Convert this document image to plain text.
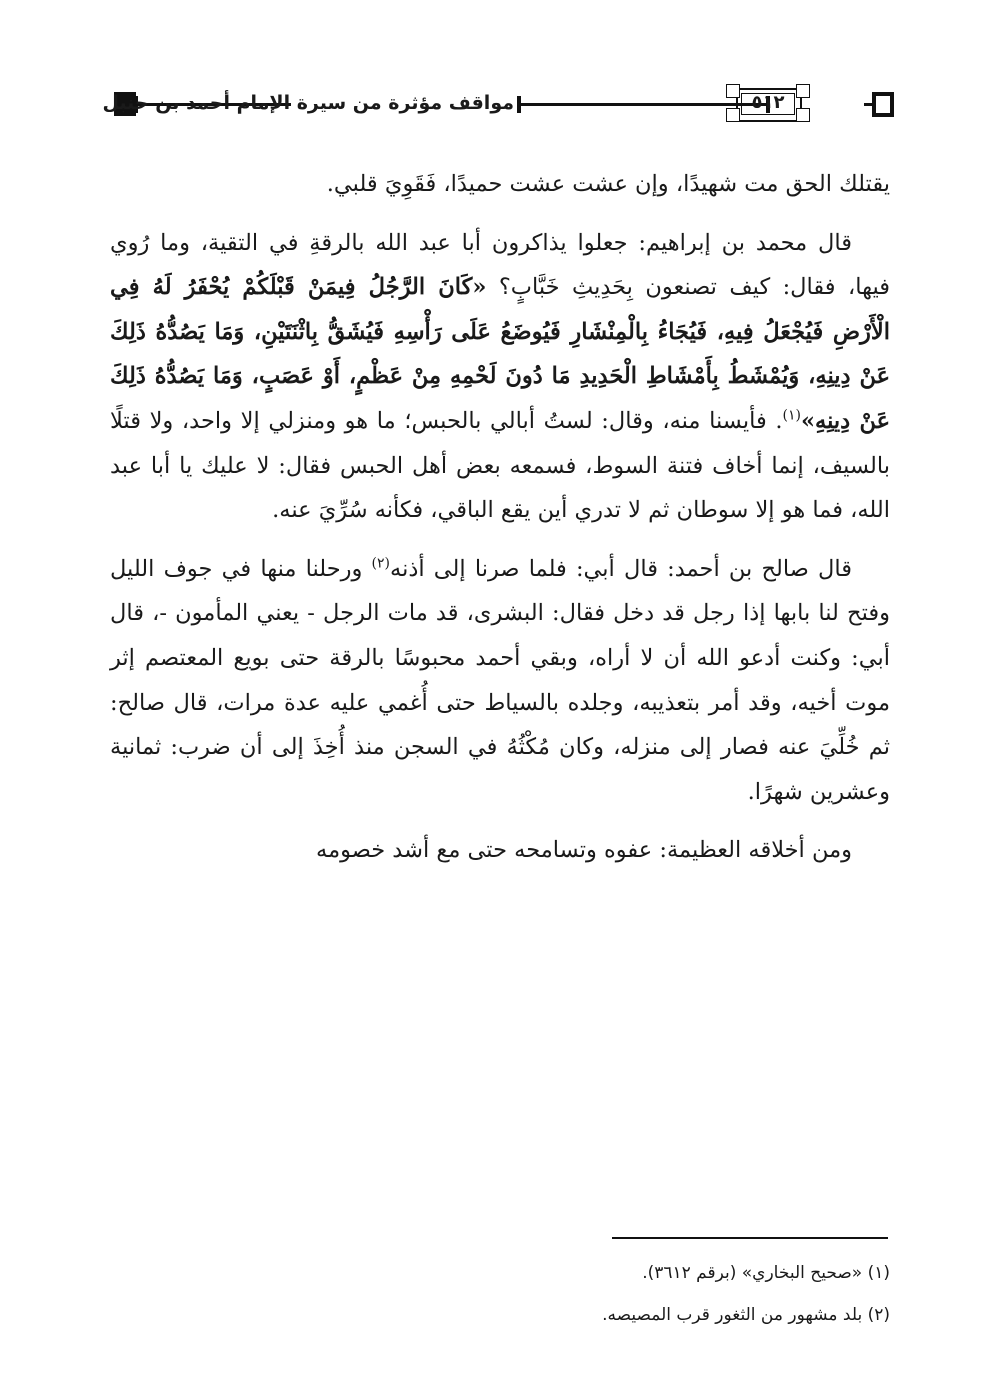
مواقف مؤثرة من سيرة الإمام أحمد بن حنبل	٥١٢

يقتلك الحق مت شهيدًا، وإن عشت عشت حميدًا، فَقَوِيَ قلبي.

قال محمد بن إبراهيم: جعلوا يذاكرون أبا عبد الله بالرقةِ في التقية، وما رُوي فيها، فقال: كيف تصنعون بِحَدِيثِ خَبَّابٍ؟ «كَانَ الرَّجُلُ فِيمَنْ قَبْلَكُمْ يُحْفَرُ لَهُ فِي الْأَرْضِ فَيُجْعَلُ فِيهِ، فَيُجَاءُ بِالْمِنْشَارِ فَيُوضَعُ عَلَى رَأْسِهِ فَيُشَقُّ بِاثْنَتَيْنِ، وَمَا يَصُدُّهُ ذَلِكَ عَنْ دِينِهِ، وَيُمْشَطُ بِأَمْشَاطِ الْحَدِيدِ مَا دُونَ لَحْمِهِ مِنْ عَظْمٍ، أَوْ عَصَبٍ، وَمَا يَصُدُّهُ ذَلِكَ عَنْ دِينِهِ»$^{(١)}$. فأيسنا منه، وقال: لستُ أبالي بالحبس؛ ما هو ومنزلي إلا واحد، ولا قتلًا بالسيف، إنما أخاف فتنة السوط، فسمعه بعض أهل الحبس فقال: لا عليك يا أبا عبد الله، فما هو إلا سوطان ثم لا تدري أين يقع الباقي، فكأنه سُرِّيَ عنه.

قال صالح بن أحمد: قال أبي: فلما صرنا إلى أذنه$^{(٢)}$ ورحلنا منها في جوف الليل وفتح لنا بابها إذا رجل قد دخل فقال: البشرى، قد مات الرجل - يعني المأمون -، قال أبي: وكنت أدعو الله أن لا أراه، وبقي أحمد محبوسًا بالرقة حتى بويع المعتصم إثر موت أخيه، وقد أمر بتعذيبه، وجلده بالسياط حتى أُغمي عليه عدة مرات، قال صالح: ثم خُلِّيَ عنه فصار إلى منزله، وكان مُكْثُهُ في السجن منذ أُخِذَ إلى أن ضرب: ثمانية وعشرين شهرًا.

ومن أخلاقه العظيمة: عفوه وتسامحه حتى مع أشد خصومه

(١) «صحيح البخاري» (برقم ٣٦١٢).

(٢) بلد مشهور من الثغور قرب المصيصه.
